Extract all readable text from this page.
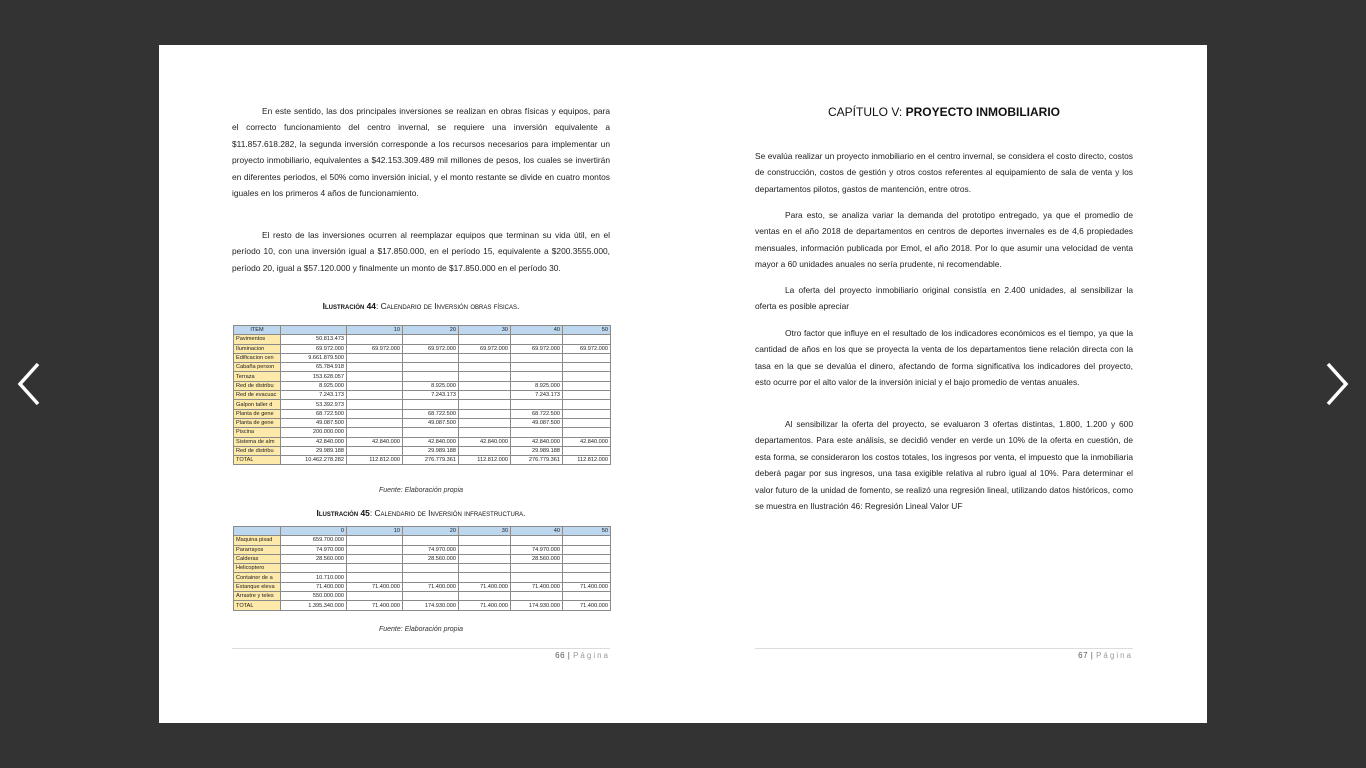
En este sentido, las dos principales inversiones se realizan en obras físicas y equipos, para el correcto funcionamiento del centro invernal, se requiere una inversión equivalente a $11.857.618.282, la segunda inversión corresponde a los recursos necesarios para implementar un proyecto inmobiliario, equivalentes a $42.153.309.489 mil millones de pesos, los cuales se invertirán en diferentes periodos, el 50% como inversión inicial, y el monto restante se divide en cuatro montos iguales en los primeros 4 años de funcionamiento.
El resto de las inversiones ocurren al reemplazar equipos que terminan su vida útil, en el período 10, con una inversión igual a $17.850.000, en el período 15, equivalente a $200.3555.000, período 20, igual a $57.120.000 y finalmente un monto de $17.850.000 en el período 30.
Ilustración 44: Calendario de Inversión obras físicas.
ITEM		10	20	30	40	50
Pavimentos	50.813.473					
Iluminacion	69.972.000	69.972.000	69.972.000	69.972.000	69.972.000	69.972.000
Edificacion cen	9.661.879.500					
Cabaña person	65.784.918					
Terraza	153.628.057					
Red de distribu	8.925.000		8.925.000		8.925.000	
Red de evacuac	7.243.173		7.243.173		7.243.173	
Galpon taller d	53.392.973					
Planta de gene	68.722.500		68.722.500		68.722.500	
Planta de gene	49.087.500		49.087.500		49.087.500	
Piscina	200.000.000					
Sistema de alm	42.840.000	42.840.000	42.840.000	42.840.000	42.840.000	42.840.000
Red de distribu	29.989.188		29.989.188		29.989.188	
TOTAL	10.462.278.282	112.812.000	276.779.361	112.812.000	276.779.361	112.812.000
Fuente: Elaboración propia
Ilustración 45: Calendario de Inversión infraestructura.
	0	10	20	30	40	50
Maquina pisad	659.700.000					
Pararrayos	74.970.000		74.970.000		74.970.000	
Calderas	28.560.000		28.560.000		28.560.000	
Helicoptero						
Container de a	10.710.000					
Estanque eleva	71.400.000	71.400.000	71.400.000	71.400.000	71.400.000	71.400.000
Arrastre y teles	550.000.000					
TOTAL	1.395.340.000	71.400.000	174.930.000	71.400.000	174.930.000	71.400.000
Fuente: Elaboración propia
66 | Página
CAPÍTULO V: PROYECTO INMOBILIARIO
Se evalúa realizar un proyecto inmobiliario en el centro invernal, se considera el costo directo, costos de construcción, costos de gestión y otros costos referentes al equipamiento de sala de venta y los departamentos pilotos, gastos de mantención, entre otros.
Para esto, se analiza variar la demanda del prototipo entregado, ya que el promedio de ventas en el año 2018 de departamentos en centros de deportes invernales es de 4,6 propiedades mensuales, información publicada por Emol, el año 2018. Por lo que asumir una velocidad de venta mayor a 60 unidades anuales no sería prudente, ni recomendable.
La oferta del proyecto inmobiliario original consistía en 2.400 unidades, al sensibilizar la oferta es posible apreciar
Otro factor que influye en el resultado de los indicadores económicos es el tiempo, ya que la cantidad de años en los que se proyecta la venta de los departamentos tiene relación directa con la tasa en la que se devalúa el dinero, afectando de forma significativa los indicadores del proyecto, esto ocurre por el alto valor de la inversión inicial y el bajo promedio de ventas anuales.
Al sensibilizar la oferta del proyecto, se evaluaron 3 ofertas distintas, 1.800, 1.200 y 600 departamentos. Para este análisis, se decidió vender en verde un 10% de la oferta en cuestión, de esta forma, se consideraron los costos totales, los ingresos por venta, el impuesto que la inmobiliaria deberá pagar por sus ingresos, una tasa exigible relativa al rubro igual al 10%. Para determinar el valor futuro de la unidad de fomento, se realizó una regresión lineal, utilizando datos históricos, como se muestra en Ilustración 46: Regresión Lineal Valor UF
67 | Página
